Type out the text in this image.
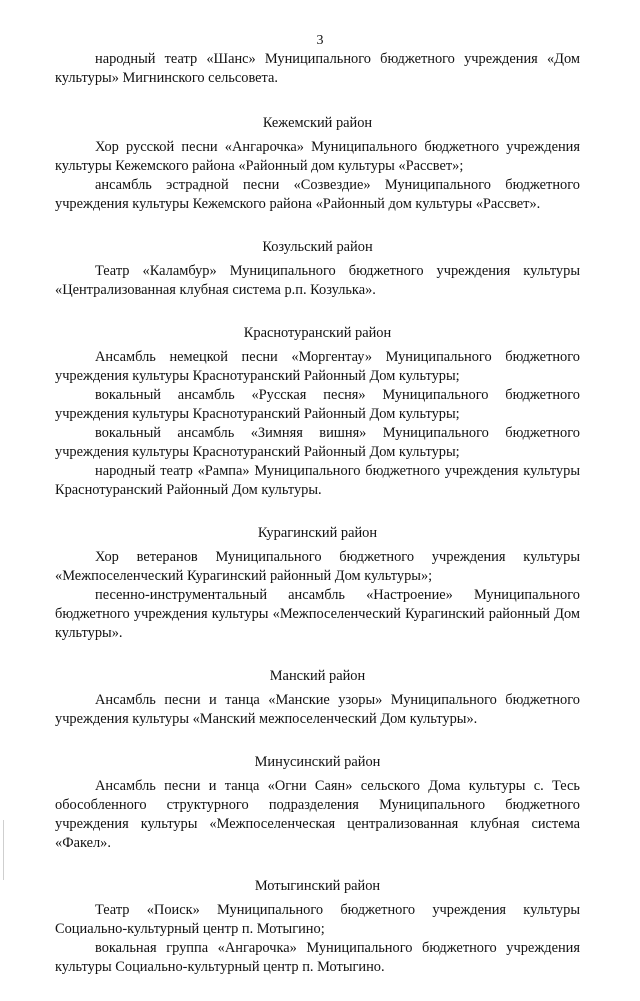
3

народный театр «Шанс» Муниципального бюджетного учреждения «Дом культуры» Мигнинского сельсовета.

Кежемский район

Хор русской песни «Ангарочка» Муниципального бюджетного учреждения культуры Кежемского района «Районный дом культуры «Рассвет»;

ансамбль эстрадной песни «Созвездие» Муниципального бюджетного учреждения культуры Кежемского района «Районный дом культуры «Рассвет».

Козульский район

Театр «Каламбур» Муниципального бюджетного учреждения культуры «Централизованная клубная система р.п. Козулька».

Краснотуранский район

Ансамбль немецкой песни «Моргентау» Муниципального бюджетного учреждения культуры Краснотуранский Районный Дом культуры;

вокальный ансамбль «Русская песня» Муниципального бюджетного учреждения культуры Краснотуранский Районный Дом культуры;

вокальный ансамбль «Зимняя вишня» Муниципального бюджетного учреждения культуры Краснотуранский Районный Дом культуры;

народный театр «Рампа» Муниципального бюджетного учреждения культуры Краснотуранский Районный Дом культуры.

Курагинский район

Хор ветеранов Муниципального бюджетного учреждения культуры «Межпоселенческий Курагинский районный Дом культуры»;

песенно-инструментальный ансамбль «Настроение» Муниципального бюджетного учреждения культуры «Межпоселенческий Курагинский районный Дом культуры».

Манский район

Ансамбль песни и танца «Манские узоры» Муниципального бюджетного учреждения культуры «Манский межпоселенческий Дом культуры».

Минусинский район

Ансамбль песни и танца «Огни Саян» сельского Дома культуры с. Тесь обособленного структурного подразделения Муниципального бюджетного учреждения культуры «Межпоселенческая централизованная клубная система «Факел».

Мотыгинский район

Театр «Поиск» Муниципального бюджетного учреждения культуры Социально-культурный центр п. Мотыгино;

вокальная группа «Ангарочка» Муниципального бюджетного учреждения культуры Социально-культурный центр п. Мотыгино.
